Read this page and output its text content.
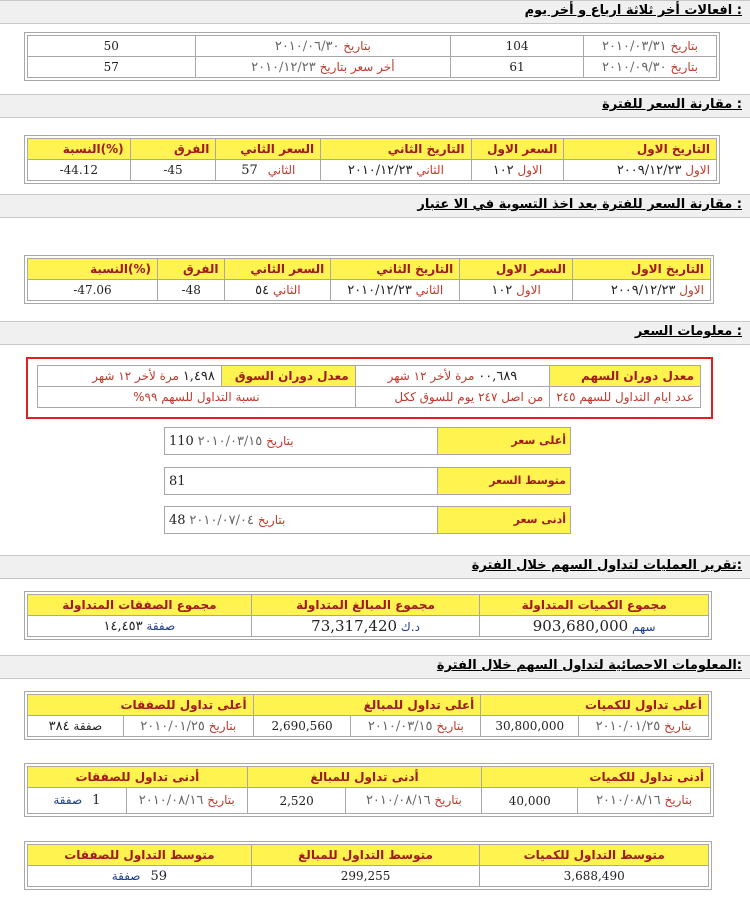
افعالات أخر ثلاثة ارباع و أخر يوم :
بتاريخ ٢٠١٠/٠٣/٣١	104	بتاريخ ٢٠١٠/٠٦/٣٠	50
بتاريخ ٢٠١٠/٠٩/٣٠	61	أخر سعر بتاريخ ٢٠١٠/١٢/٢٣	57
مقارنة السعر للفترة :
التاريخ الاول	السعر الاول	التاريخ الثاني	السعر الثاني	الفرق	(%)النسبة
الاول ٢٠٠٩/١٢/٢٣	الاول ١٠٢	الثاني ٢٠١٠/١٢/٢٣	الثاني57	-45	-44.12
مقارنة السعر للفترة بعد اخذ التسوية في الا عتبار :
التاريخ الاول	السعر الاول	التاريخ الثاني	السعر الثاني	الفرق	(%)النسبة
الاول ٢٠٠٩/١٢/٢٣	الاول ١٠٢	الثاني ٢٠١٠/١٢/٢٣	الثاني ٥٤	-48	-47.06
معلومات السعر :
معدل دوران السهم	٠٠,٦٨٩ مرة لأخر ١٢ شهر	معدل دوران السوق	١,٤٩٨ مرة لأخر ١٢ شهر
عدد ايام التداول للسهم ٢٤٥	من اصل ٢٤٧ يوم للسوق ككل	نسبة التداول للسهم ٩٩%	
أعلى سعر
بتاريخ ٢٠١٠/٠٣/١٥ 110
متوسط السعر
81
أدنى سعر
بتاريخ ٢٠١٠/٠٧/٠٤ 48
تقرير العمليات لتداول السهم خلال الفترة:
مجموع الكميات المتداولة	مجموع المبالغ المتداولة	مجموع الصفقات المتداولة
سهم 903,680,000	د.ك 73,317,420	صفقة ١٤,٤٥٣
المعلومات الاحصائية لتداول السهم خلال الفترة:
أعلى تداول للكميات		أعلى تداول للمبالغ		أعلى تداول للصفقات	
بتاريخ ٢٠١٠/٠١/٢٥	30,800,000	بتاريخ ٢٠١٠/٠٣/١٥	2,690,560	بتاريخ ٢٠١٠/٠١/٢٥	صفقة ٣٨٤
أدنى تداول للكميات		أدنى تداول للمبالغ		أدنى تداول للصفقات	
بتاريخ ٢٠١٠/٠٨/١٦	40,000	بتاريخ ٢٠١٠/٠٨/١٦	2,520	بتاريخ ٢٠١٠/٠٨/١٦	1صفقة
متوسط التداول للكميات	متوسط التداول للمبالغ	متوسط التداول للصفقات
3,688,490	299,255	59صفقة
